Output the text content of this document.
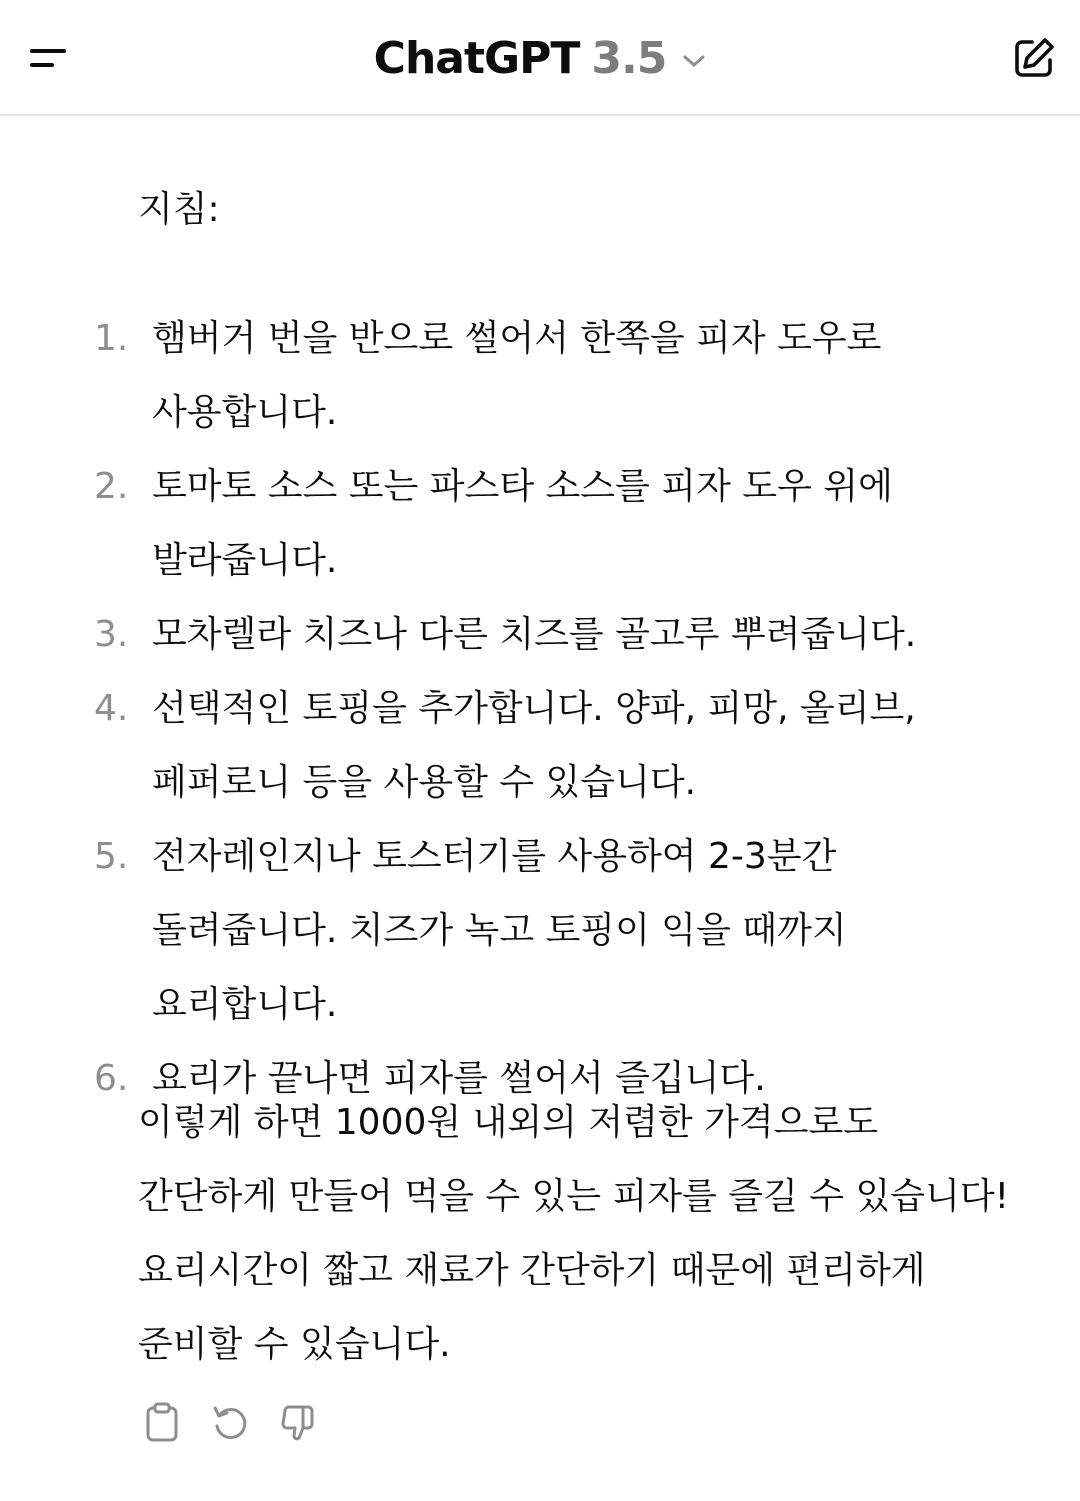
ChatGPT 3.5

지침:

1. 햄버거 번을 반으로 썰어서 한쪽을 피자 도우로 사용합니다.
2. 토마토 소스 또는 파스타 소스를 피자 도우 위에 발라줍니다.
3. 모차렐라 치즈나 다른 치즈를 골고루 뿌려줍니다.
4. 선택적인 토핑을 추가합니다. 양파, 피망, 올리브, 페퍼로니 등을 사용할 수 있습니다.
5. 전자레인지나 토스터기를 사용하여 2-3분간 돌려줍니다. 치즈가 녹고 토핑이 익을 때까지 요리합니다.
6. 요리가 끝나면 피자를 썰어서 즐깁니다.

이렇게 하면 1000원 내외의 저렴한 가격으로도 간단하게 만들어 먹을 수 있는 피자를 즐길 수 있습니다! 요리시간이 짧고 재료가 간단하기 때문에 편리하게 준비할 수 있습니다.
